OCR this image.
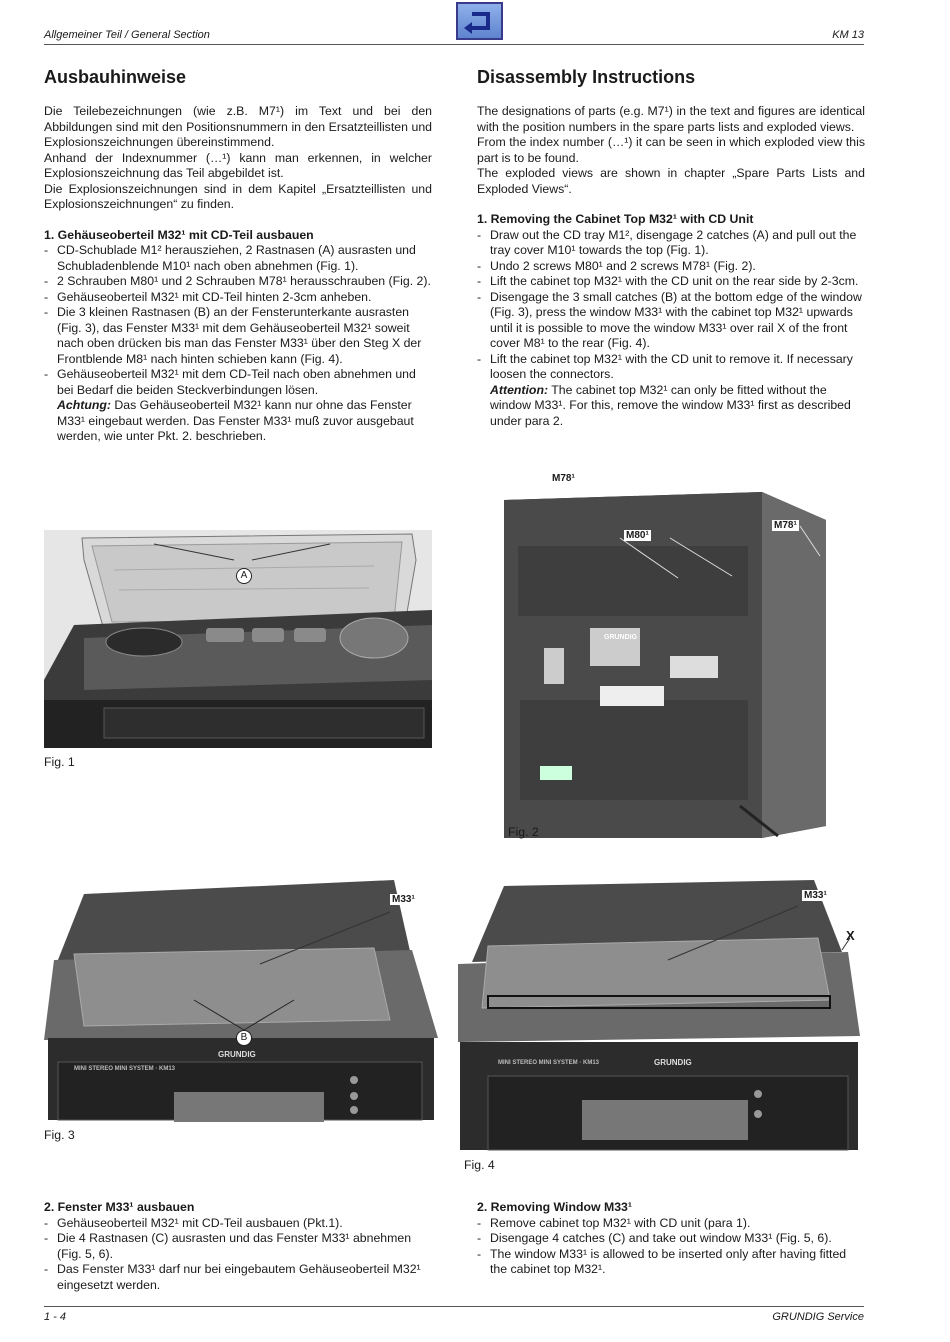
Allgemeiner Teil / General Section	KM 13
Ausbauhinweise

Die Teilebezeichnungen (wie z.B. M7¹) im Text und bei den Abbildungen sind mit den Positionsnummern in den Ersatzteillisten und Explosionszeichnungen übereinstimmend.

Anhand der Indexnummer (…¹) kann man erkennen, in welcher Explosionszeichnung das Teil abgebildet ist.

Die Explosionszeichnungen sind in dem Kapitel „Ersatzteillisten und Explosionszeichnungen“ zu finden.

1. Gehäuseoberteil M32¹ mit CD-Teil ausbauen

- CD-Schublade M1² herausziehen, 2 Rastnasen (A) ausrasten und Schubladenblende M10¹ nach oben abnehmen (Fig. 1).
- 2 Schrauben M80¹ und 2 Schrauben M78¹ herausschrauben (Fig. 2).
- Gehäuseoberteil M32¹ mit CD-Teil hinten 2-3cm anheben.
- Die 3 kleinen Rastnasen (B) an der Fensterunterkante ausrasten (Fig. 3), das Fenster M33¹ mit dem Gehäuseoberteil M32¹ soweit nach oben drücken bis man das Fenster M33¹ über den Steg X der Frontblende M8¹ nach hinten schieben kann (Fig. 4).
- Gehäuseoberteil M32¹ mit dem CD-Teil nach oben abnehmen und bei Bedarf die beiden Steckverbindungen lösen.

Achtung: Das Gehäuseoberteil M32¹ kann nur ohne das Fenster M33¹ eingebaut werden. Das Fenster M33¹ muß zuvor ausgebaut werden, wie unter Pkt. 2. beschrieben.

Disassembly Instructions

The designations of parts (e.g. M7¹) in the text and figures are identical with the position numbers in the spare parts lists and exploded views.

From the index number (…¹) it can be seen in which exploded view this part is to be found.

The exploded views are shown in chapter „Spare Parts Lists and Exploded Views“.

1. Removing the Cabinet Top M32¹ with CD Unit

- Draw out the CD tray M1², disengage 2 catches (A) and pull out the tray cover M10¹ towards the top (Fig. 1).
- Undo 2 screws M80¹ and 2 screws M78¹ (Fig. 2).
- Lift the cabinet top M32¹ with the CD unit on the rear side by 2-3cm.
- Disengage the 3 small catches (B) at the bottom edge of the window (Fig. 3), press the window M33¹ with the cabinet top M32¹ upwards until it is possible to move the window M33¹ over rail X of the front cover M8¹ to the rear (Fig. 4).
- Lift the cabinet top M32¹ with the CD unit to remove it. If necessary loosen the connectors.

Attention: The cabinet top M32¹ can only be fitted without the window M33¹. For this, remove the window M33¹ first as described under para 2.

A
Fig. 1
M78¹
M80¹
M78¹
GRUNDIG
Fig. 2
M33¹
B
GRUNDIG
MINI STEREO MINI SYSTEM · KM13
Fig. 3
M33¹
X
GRUNDIG
MINI STEREO MINI SYSTEM · KM13
Fig. 4

2. Fenster M33¹ ausbauen

- Gehäuseoberteil M32¹ mit CD-Teil ausbauen (Pkt.1).
- Die 4 Rastnasen (C) ausrasten und das Fenster M33¹ abnehmen (Fig. 5, 6).
- Das Fenster M33¹ darf nur bei eingebautem Gehäuseoberteil M32¹ eingesetzt werden.

2. Removing Window M33¹

- Remove cabinet top M32¹ with CD unit (para 1).
- Disengage 4 catches (C) and take out window M33¹ (Fig. 5, 6).
- The window M33¹ is allowed to be inserted only after having fitted the cabinet top M32¹.
1 - 4	GRUNDIG Service
